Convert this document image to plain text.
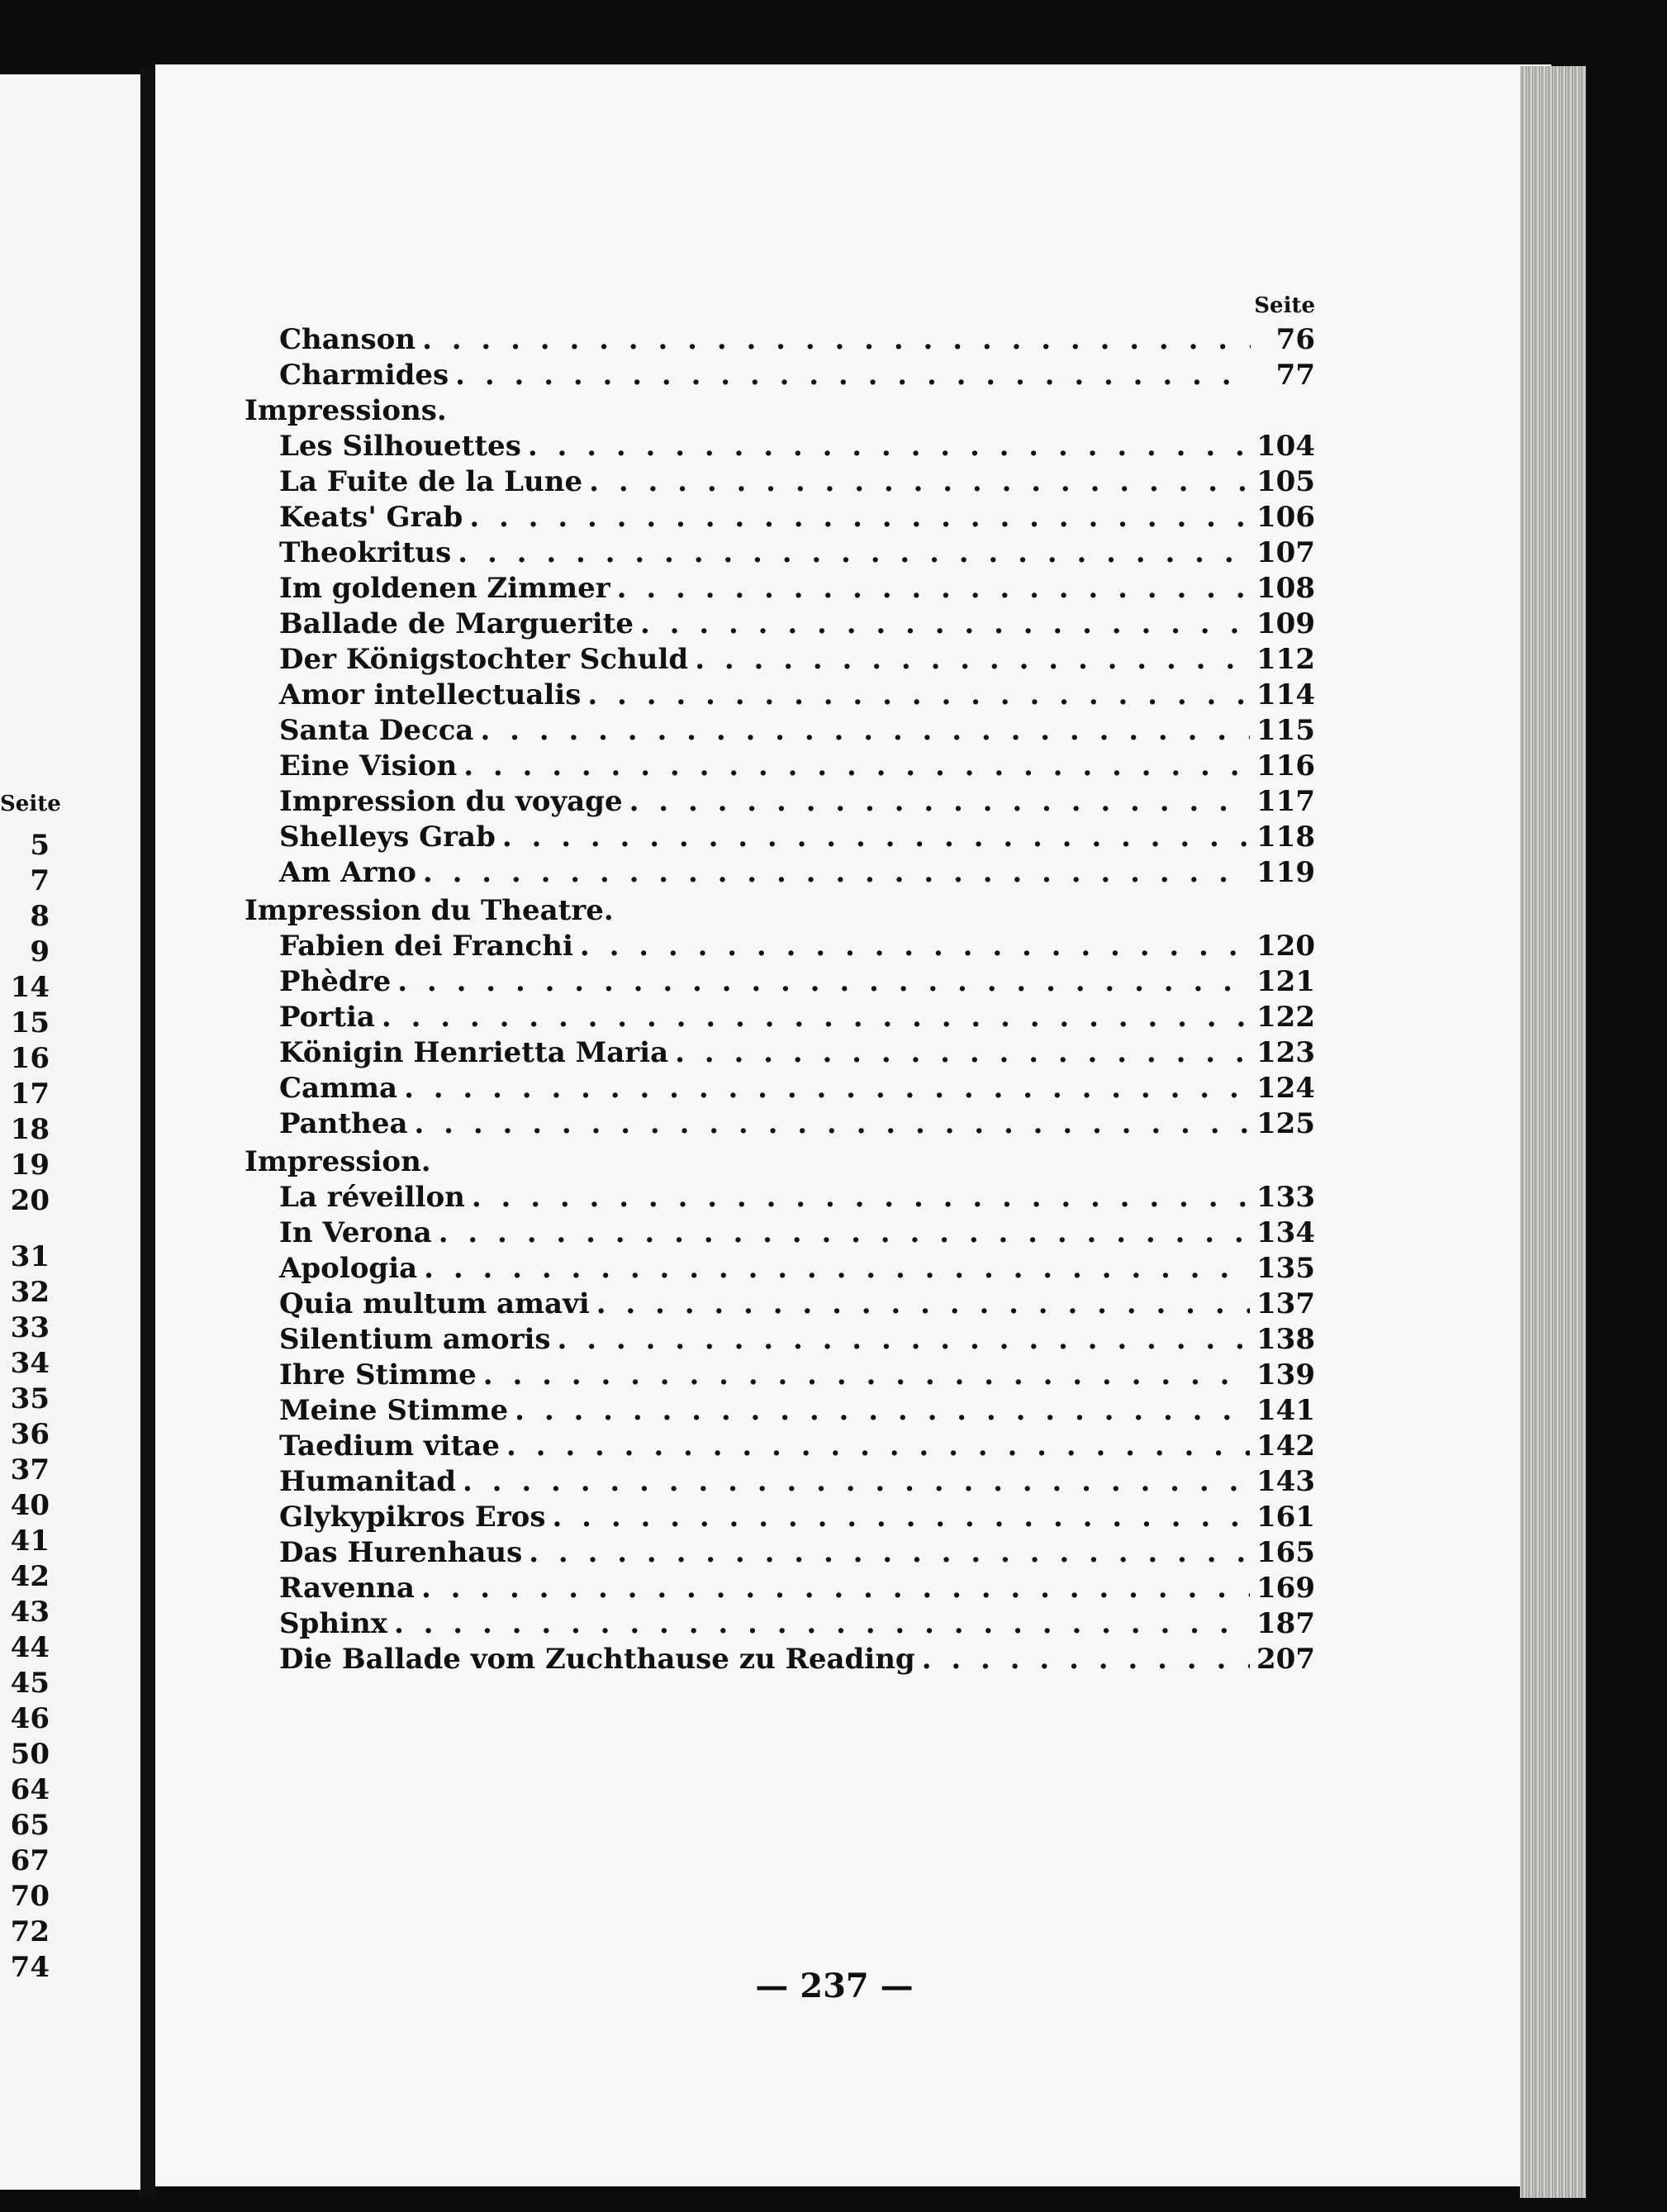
Seite
5
7
8
9
14
15
16
17
18
19
20
31
32
33
34
35
36
37
40
41
42
43
44
45
46
50
64
65
67
70
72
74
Seite
Chanson . . .	76
Charmides . . .	77
Impressions.
Les Silhouettes . . .	104
La Fuite de la Lune . . .	105
Keats' Grab . . .	106
Theokritus . . .	107
Im goldenen Zimmer . . .	108
Ballade de Marguerite . . .	109
Der Königstochter Schuld . . .	112
Amor intellectualis . . .	114
Santa Decca . . .	115
Eine Vision . . .	116
Impression du voyage . . .	117
Shelleys Grab . . .	118
Am Arno . . .	119
Impression du Theatre.
Fabien dei Franchi . . .	120
Phèdre . . .	121
Portia . . .	122
Königin Henrietta Maria . . .	123
Camma . . .	124
Panthea . . .	125
Impression.
La réveillon . . .	133
In Verona . . .	134
Apologia . . .	135
Quia multum amavi . . .	137
Silentium amoris . . .	138
Ihre Stimme . . .	139
Meine Stimme . . .	141
Taedium vitae . . .	142
Humanitad . . .	143
Glykypikros Eros . . .	161
Das Hurenhaus . . .	165
Ravenna . . .	169
Sphinx . . .	187
Die Ballade vom Zuchthause zu Reading . . .	207
— 237 —
